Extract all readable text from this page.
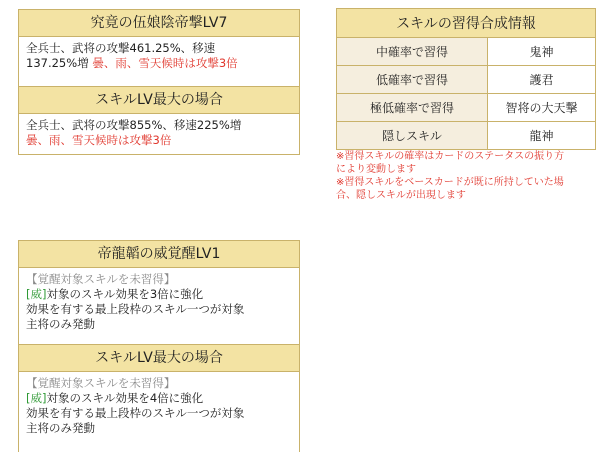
究竟の伍娘陰帝撃LV7
全兵士、武将の攻撃461.25%、移速
137.25%増 曇、雨、雪天候時は攻撃3倍
スキルLV最大の場合
全兵士、武将の攻撃855%、移速225%増
曇、雨、雪天候時は攻撃3倍
スキルの習得合成情報	
中確率で習得	鬼神
低確率で習得	護君
極低確率で習得	智将の大天撃
隠しスキル	龍神
※習得スキルの確率はカードのステータスの振り方
により変動します
※習得スキルをベースカードが既に所持していた場
合、隠しスキルが出現します
帝龍韜の威覚醒LV1
【覚醒対象スキルを未習得】
[威]対象のスキル効果を3倍に強化
効果を有する最上段枠のスキル一つが対象
主将のみ発動
スキルLV最大の場合
【覚醒対象スキルを未習得】
[威]対象のスキル効果を4倍に強化
効果を有する最上段枠のスキル一つが対象
主将のみ発動
